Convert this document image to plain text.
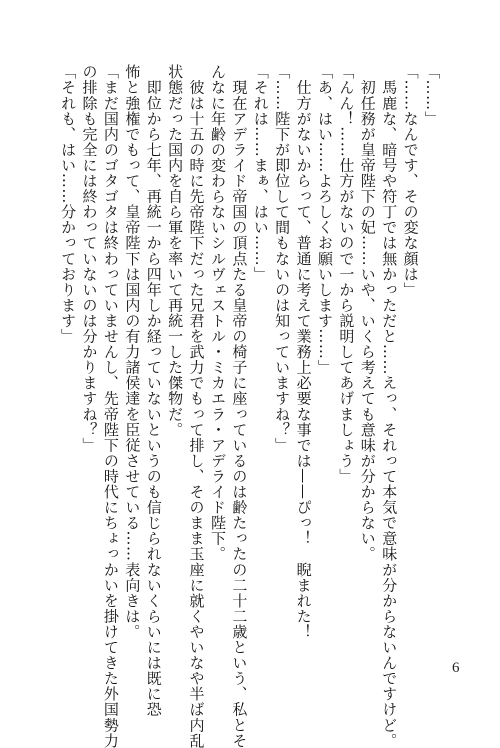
「……」
「……なんです、その変な顔は」
　馬鹿な、暗号や符丁では無かっただと……えっ、それって本気で意味が分からないんですけど。
　初任務が皇帝陛下の妃……いや、いくら考えても意味が分からない。
「んん！……仕方がないので一から説明してあげましょう」
「あ、はい……よろしくお願いします……」
　仕方がないからって、普通に考えて業務上必要な事では——ぴっ！　睨まれた！
「……陛下が即位して間もないのは知っていますね？」
「それは……まぁ、はい……」
　現在アデライド帝国の頂点たる皇帝の椅子に座っているのは齢たったの二十二歳という、私とそ
んなに年齢の変わらないシルヴェストル・ミカエラ・アデライド陛下。
　彼は十五の時に先帝陛下だった兄君を武力でもって排し、そのまま玉座に就くやいなや半ば内乱
状態だった国内を自ら軍を率いて再統一した傑物だ。
　即位から七年、再統一から四年しか経っていないというのも信じられないくらいには既に恐
怖と強権でもって、皇帝陛下は国内の有力諸侯達を臣従させている……表向きは。
「まだ国内のゴタゴタは終わっていませんし、先帝陛下の時代にちょっかいを掛けてきた外国勢力
の排除も完全には終わっていないのは分かりますね？」
「それも、はい……分かっております」
6
